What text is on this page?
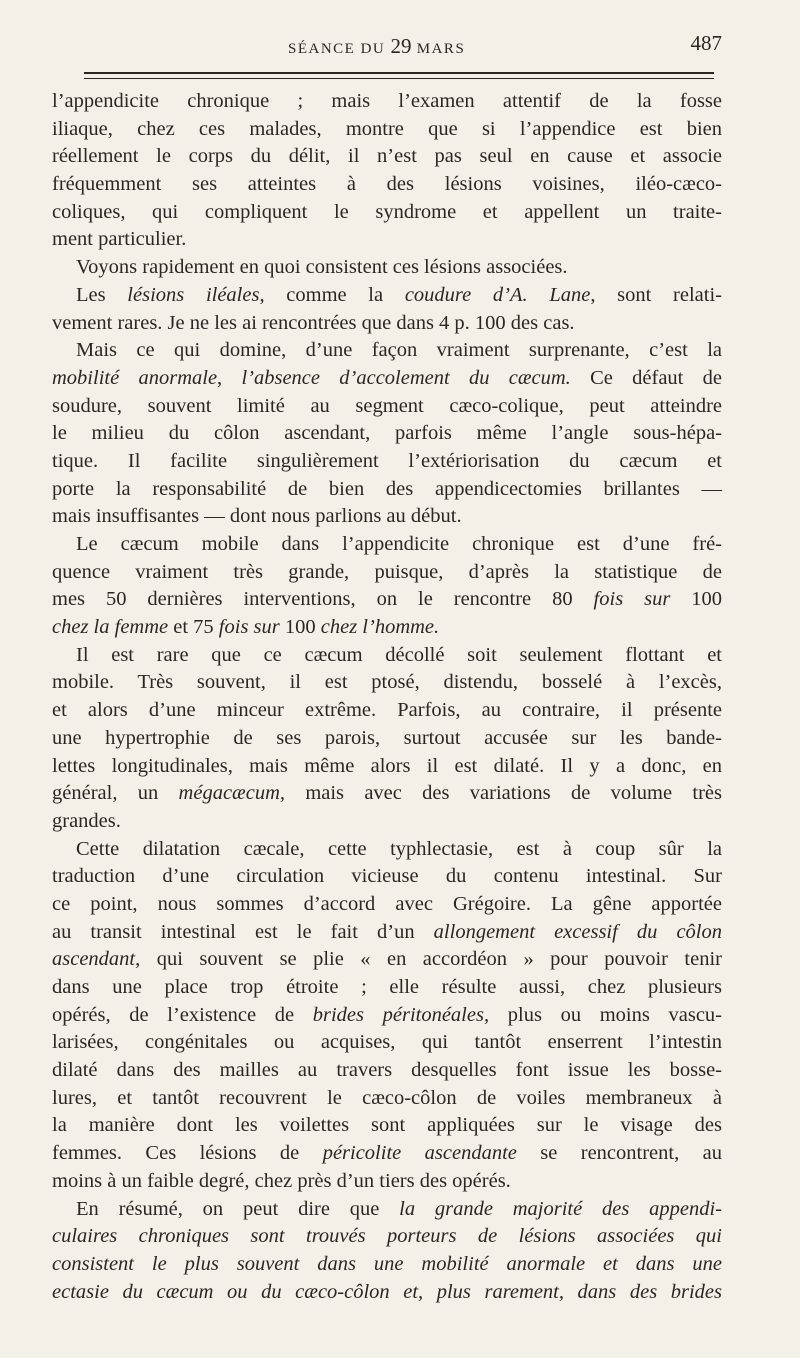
SÉANCE DU 29 MARS	487
l’appendicite chronique ; mais l’examen attentif de la fosse
iliaque, chez ces malades, montre que si l’appendice est bien
réellement le corps du délit, il n’est pas seul en cause et associe
fréquemment ses atteintes à des lésions voisines, iléo-cæco-
coliques, qui compliquent le syndrome et appellent un traite-
ment particulier.
Voyons rapidement en quoi consistent ces lésions associées.
Les lésions iléales, comme la coudure d’A. Lane, sont relati-
vement rares. Je ne les ai rencontrées que dans 4 p. 100 des cas.
Mais ce qui domine, d’une façon vraiment surprenante, c’est la
mobilité anormale, l’absence d’accolement du cæcum. Ce défaut de
soudure, souvent limité au segment cæco-colique, peut atteindre
le milieu du côlon ascendant, parfois même l’angle sous-hépa-
tique. Il facilite singulièrement l’extériorisation du cæcum et
porte la responsabilité de bien des appendicectomies brillantes —
mais insuffisantes — dont nous parlions au début.
Le cæcum mobile dans l’appendicite chronique est d’une fré-
quence vraiment très grande, puisque, d’après la statistique de
mes 50 dernières interventions, on le rencontre 80 fois sur 100
chez la femme et 75 fois sur 100 chez l’homme.
Il est rare que ce cæcum décollé soit seulement flottant et
mobile. Très souvent, il est ptosé, distendu, bosselé à l’excès,
et alors d’une minceur extrême. Parfois, au contraire, il présente
une hypertrophie de ses parois, surtout accusée sur les bande-
lettes longitudinales, mais même alors il est dilaté. Il y a donc, en
général, un mégacæcum, mais avec des variations de volume très
grandes.
Cette dilatation cæcale, cette typhlectasie, est à coup sûr la
traduction d’une circulation vicieuse du contenu intestinal. Sur
ce point, nous sommes d’accord avec Grégoire. La gêne apportée
au transit intestinal est le fait d’un allongement excessif du côlon
ascendant, qui souvent se plie « en accordéon » pour pouvoir tenir
dans une place trop étroite ; elle résulte aussi, chez plusieurs
opérés, de l’existence de brides péritonéales, plus ou moins vascu-
larisées, congénitales ou acquises, qui tantôt enserrent l’intestin
dilaté dans des mailles au travers desquelles font issue les bosse-
lures, et tantôt recouvrent le cæco-côlon de voiles membraneux à
la manière dont les voilettes sont appliquées sur le visage des
femmes. Ces lésions de péricolite ascendante se rencontrent, au
moins à un faible degré, chez près d’un tiers des opérés.
En résumé, on peut dire que la grande majorité des appendi-
culaires chroniques sont trouvés porteurs de lésions associées qui
consistent le plus souvent dans une mobilité anormale et dans une
ectasie du cæcum ou du cæco-côlon et, plus rarement, dans des brides
